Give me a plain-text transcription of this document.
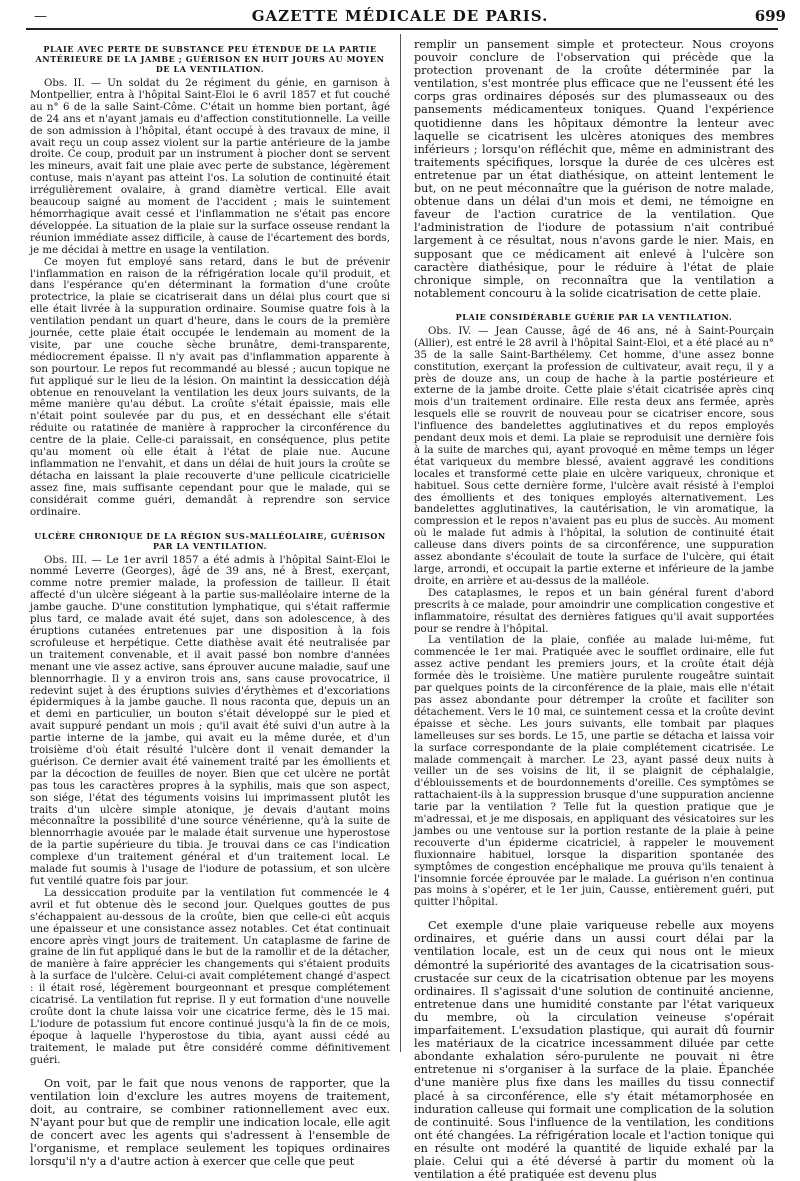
—	GAZETTE MÉDICALE DE PARIS.	699
PLAIE AVEC PERTE DE SUBSTANCE PEU ÉTENDUE DE LA PARTIE ANTÉRIEURE DE LA JAMBE ; GUÉRISON EN HUIT JOURS AU MOYEN DE LA VENTILATION.

Obs. II. — Un soldat du 2e régiment du génie, en garnison à Montpellier, entra à l'hôpital Saint-Eloi le 6 avril 1857 et fut couché au n° 6 de la salle Saint-Côme. C'était un homme bien portant, âgé de 24 ans et n'ayant jamais eu d'affection constitutionnelle. La veille de son admission à l'hôpital, étant occupé à des travaux de mine, il avait reçu un coup assez violent sur la partie antérieure de la jambe droite. Ce coup, produit par un instrument à piocher dont se servent les mineurs, avait fait une plaie avec perte de substance, légèrement contuse, mais n'ayant pas atteint l'os. La solution de continuité était irrégulièrement ovalaire, à grand diamètre vertical. Elle avait beaucoup saigné au moment de l'accident ; mais le suintement hémorrhagique avait cessé et l'inflammation ne s'était pas encore développée. La situation de la plaie sur la surface osseuse rendant la réunion immédiate assez difficile, à cause de l'écartement des bords, je me décidai à mettre en usage la ventilation.

Ce moyen fut employé sans retard, dans le but de prévenir l'inflammation en raison de la réfrigération locale qu'il produit, et dans l'espérance qu'en déterminant la formation d'une croûte protectrice, la plaie se cicatriserait dans un délai plus court que si elle était livrée à la suppuration ordinaire. Soumise quatre fois à la ventilation pendant un quart d'heure, dans le cours de la première journée, cette plaie était occupée le lendemain au moment de la visite, par une couche sèche brunâtre, demi-transparente, médiocrement épaisse. Il n'y avait pas d'inflammation apparente à son pourtour. Le repos fut recommandé au blessé ; aucun topique ne fut appliqué sur le lieu de la lésion. On maintint la dessiccation déjà obtenue en renouvelant la ventilation les deux jours suivants, de la même manière qu'au début. La croûte s'était épaissie, mais elle n'était point soulevée par du pus, et en desséchant elle s'était réduite ou ratatinée de manière à rapprocher la circonférence du centre de la plaie. Celle-ci paraissait, en conséquence, plus petite qu'au moment où elle était à l'état de plaie nue. Aucune inflammation ne l'envahit, et dans un délai de huit jours la croûte se détacha en laissant la plaie recouverte d'une pellicule cicatricielle assez fine, mais suffisante cependant pour que le malade, qui se considérait comme guéri, demandât à reprendre son service ordinaire.

ULCÈRE CHRONIQUE DE LA RÉGION SUS-MALLÉOLAIRE, GUÉRISON PAR LA VENTILATION.

Obs. III. — Le 1er avril 1857 a été admis à l'hôpital Saint-Eloi le nommé Leverre (Georges), âgé de 39 ans, né à Brest, exerçant, comme notre premier malade, la profession de tailleur. Il était affecté d'un ulcère siégeant à la partie sus-malléolaire interne de la jambe gauche. D'une constitution lymphatique, qui s'était raffermie plus tard, ce malade avait été sujet, dans son adolescence, à des éruptions cutanées entretenues par une disposition à la fois scrofuleuse et herpétique. Cette diathèse avait été neutralisée par un traitement convenable, et il avait passé bon nombre d'années menant une vie assez active, sans éprouver aucune maladie, sauf une blennorrhagie. Il y a environ trois ans, sans cause provocatrice, il redevint sujet à des éruptions suivies d'érythèmes et d'excoriations épidermiques à la jambe gauche. Il nous raconta que, depuis un an et demi en particulier, un bouton s'était développé sur le pied et avait suppuré pendant un mois ; qu'il avait été suivi d'un autre à la partie interne de la jambe, qui avait eu la même durée, et d'un troisième d'où était résulté l'ulcère dont il venait demander la guérison. Ce dernier avait été vainement traité par les émollients et par la décoction de feuilles de noyer. Bien que cet ulcère ne portât pas tous les caractères propres à la syphilis, mais que son aspect, son siége, l'état des téguments voisins lui imprimassent plutôt les traits d'un ulcère simple atonique, je devais d'autant moins méconnaître la possibilité d'une source vénérienne, qu'à la suite de blennorrhagie avouée par le malade était survenue une hyperostose de la partie supérieure du tibia. Je trouvai dans ce cas l'indication complexe d'un traitement général et d'un traitement local. Le malade fut soumis à l'usage de l'iodure de potassium, et son ulcère fut ventilé quatre fois par jour.

La dessiccation produite par la ventilation fut commencée le 4 avril et fut obtenue dès le second jour. Quelques gouttes de pus s'échappaient au-dessous de la croûte, bien que celle-ci eût acquis une épaisseur et une consistance assez notables. Cet état continuait encore après vingt jours de traitement. Un cataplasme de farine de graine de lin fut appliqué dans le but de la ramollir et de la détacher, de manière à faire apprécier les changements qui s'étaient produits à la surface de l'ulcère. Celui-ci avait complétement changé d'aspect : il était rosé, légèrement bourgeonnant et presque complétement cicatrisé. La ventilation fut reprise. Il y eut formation d'une nouvelle croûte dont la chute laissa voir une cicatrice ferme, dès le 15 mai. L'iodure de potassium fut encore continué jusqu'à la fin de ce mois, époque à laquelle l'hyperostose du tibia, ayant aussi cédé au traitement, le malade put être considéré comme définitivement guéri.

On voit, par le fait que nous venons de rapporter, que la ventilation loin d'exclure les autres moyens de traitement, doit, au contraire, se combiner rationnellement avec eux. N'ayant pour but que de remplir une indication locale, elle agit de concert avec les agents qui s'adressent à l'ensemble de l'organisme, et remplace seulement les topiques ordinaires lorsqu'il n'y a d'autre action à exercer que celle que peut

remplir un pansement simple et protecteur. Nous croyons pouvoir conclure de l'observation qui précède que la protection provenant de la croûte déterminée par la ventilation, s'est montrée plus efficace que ne l'eussent été les corps gras ordinaires déposés sur des plumasseaux ou des pansements médicamenteux toniques. Quand l'expérience quotidienne dans les hôpitaux démontre la lenteur avec laquelle se cicatrisent les ulcères atoniques des membres inférieurs ; lorsqu'on réfléchit que, même en administrant des traitements spécifiques, lorsque la durée de ces ulcères est entretenue par un état diathésique, on atteint lentement le but, on ne peut méconnaître que la guérison de notre malade, obtenue dans un délai d'un mois et demi, ne témoigne en faveur de l'action curatrice de la ventilation. Que l'administration de l'iodure de potassium n'ait contribué largement à ce résultat, nous n'avons garde le nier. Mais, en supposant que ce médicament ait enlevé à l'ulcère son caractère diathésique, pour le réduire à l'état de plaie chronique simple, on reconnaîtra que la ventilation a notablement concouru à la solide cicatrisation de cette plaie.

PLAIE CONSIDÉRABLE GUÉRIE PAR LA VENTILATION.

Obs. IV. — Jean Causse, âgé de 46 ans, né à Saint-Pourçain (Allier), est entré le 28 avril à l'hôpital Saint-Eloi, et a été placé au n° 35 de la salle Saint-Barthélemy. Cet homme, d'une assez bonne constitution, exerçant la profession de cultivateur, avait reçu, il y a près de douze ans, un coup de hache à la partie postérieure et externe de la jambe droite. Cette plaie s'était cicatrisée après cinq mois d'un traitement ordinaire. Elle resta deux ans fermée, après lesquels elle se rouvrit de nouveau pour se cicatriser encore, sous l'influence des bandelettes agglutinatives et du repos employés pendant deux mois et demi. La plaie se reproduisit une dernière fois à la suite de marches qui, ayant provoqué en même temps un léger état variqueux du membre blessé, avaient aggravé les conditions locales et transformé cette plaie en ulcère variqueux, chronique et habituel. Sous cette dernière forme, l'ulcère avait résisté à l'emploi des émollients et des toniques employés alternativement. Les bandelettes agglutinatives, la cautérisation, le vin aromatique, la compression et le repos n'avaient pas eu plus de succès. Au moment où le malade fut admis à l'hôpital, la solution de continuité était calleuse dans divers points de sa circonférence, une suppuration assez abondante s'écoulait de toute la surface de l'ulcère, qui était large, arrondi, et occupait la partie externe et inférieure de la jambe droite, en arrière et au-dessus de la malléole.

Des cataplasmes, le repos et un bain général furent d'abord prescrits à ce malade, pour amoindrir une complication congestive et inflammatoire, résultat des dernières fatigues qu'il avait supportées pour se rendre à l'hôpital.

La ventilation de la plaie, confiée au malade lui-même, fut commencée le 1er mai. Pratiquée avec le soufflet ordinaire, elle fut assez active pendant les premiers jours, et la croûte était déjà formée dès le troisième. Une matière purulente rougeâtre suintait par quelques points de la circonférence de la plaie, mais elle n'était pas assez abondante pour détremper la croûte et faciliter son détachement. Vers le 10 mai, ce suintement cessa et la croûte devint épaisse et sèche. Les jours suivants, elle tombait par plaques lamelleuses sur ses bords. Le 15, une partie se détacha et laissa voir la surface correspondante de la plaie complétement cicatrisée. Le malade commençait à marcher. Le 23, ayant passé deux nuits à veiller un de ses voisins de lit, il se plaignit de céphalalgie, d'éblouissements et de bourdonnements d'oreille. Ces symptômes se rattachaient-ils à la suppression brusque d'une suppuration ancienne tarie par la ventilation ? Telle fut la question pratique que je m'adressai, et je me disposais, en appliquant des vésicatoires sur les jambes ou une ventouse sur la portion restante de la plaie à peine recouverte d'un épiderme cicatriciel, à rappeler le mouvement fluxionnaire habituel, lorsque la disparition spontanée des symptômes de congestion encéphalique me prouva qu'ils tenaient à l'insomnie forcée éprouvée par le malade. La guérison n'en continua pas moins à s'opérer, et le 1er juin, Causse, entièrement guéri, put quitter l'hôpital.

Cet exemple d'une plaie variqueuse rebelle aux moyens ordinaires, et guérie dans un aussi court délai par la ventilation locale, est un de ceux qui nous ont le mieux démontré la supériorité des avantages de la cicatrisation sous-crustacée sur ceux de la cicatrisation obtenue par les moyens ordinaires. Il s'agissait d'une solution de continuité ancienne, entretenue dans une humidité constante par l'état variqueux du membre, où la circulation veineuse s'opérait imparfaitement. L'exsudation plastique, qui aurait dû fournir les matériaux de la cicatrice incessamment diluée par cette abondante exhalation séro-purulente ne pouvait ni être entretenue ni s'organiser à la surface de la plaie. Épanchée d'une manière plus fixe dans les mailles du tissu connectif placé à sa circonférence, elle s'y était métamorphosée en induration calleuse qui formait une complication de la solution de continuité. Sous l'influence de la ventilation, les conditions ont été changées. La réfrigération locale et l'action tonique qui en résulte ont modéré la quantité de liquide exhalé par la plaie. Celui qui a été déversé à partir du moment où la ventilation a été pratiquée est devenu plus
